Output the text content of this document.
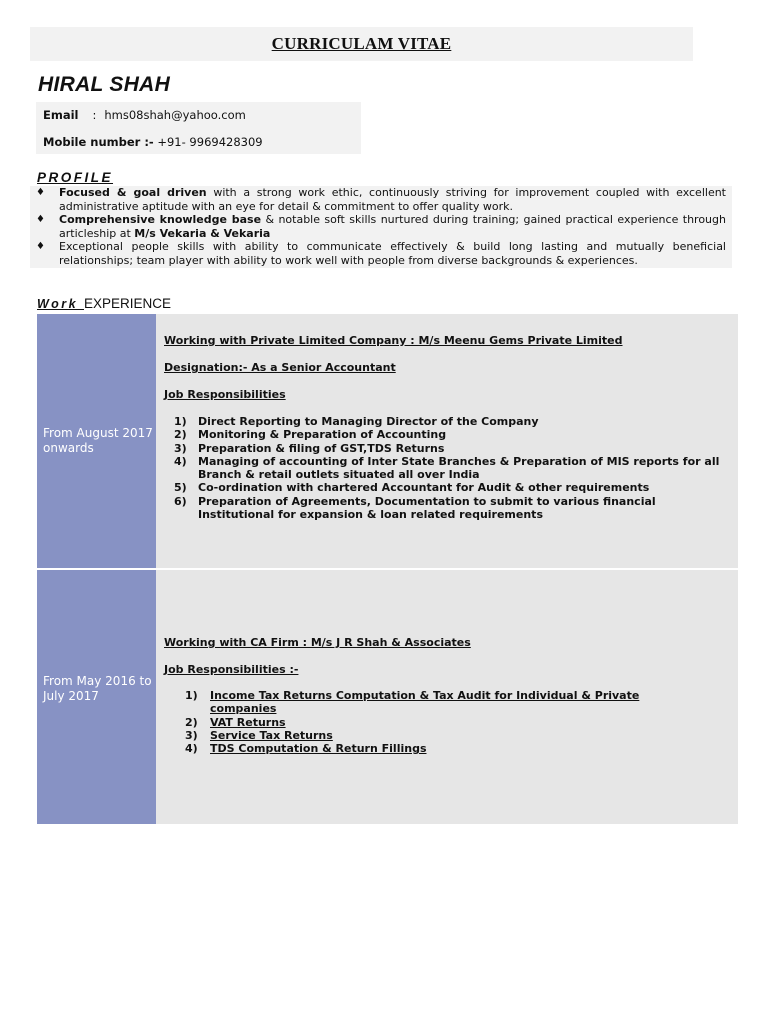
CURRICULAM VITAE
HIRAL SHAH
Email : hms08shah@yahoo.com
Mobile number :- +91- 9969428309
PROFILE
♦ Focused & goal driven with a strong work ethic, continuously striving for improvement coupled with excellent administrative aptitude with an eye for detail & commitment to offer quality work.
♦ Comprehensive knowledge base & notable soft skills nurtured during training; gained practical experience through articleship at M/s Vekaria & Vekaria
♦ Exceptional people skills with ability to communicate effectively & build long lasting and mutually beneficial relationships; team player with ability to work well with people from diverse backgrounds & experiences.
Work EXPERIENCE
From August 2017 onwards
Working with Private Limited Company : M/s Meenu Gems Private Limited
Designation:- As a Senior Accountant
Job Responsibilities
1) Direct Reporting to Managing Director of the Company
2) Monitoring & Preparation of Accounting
3) Preparation & filing of GST,TDS Returns
4) Managing of accounting of Inter State Branches & Preparation of MIS reports for all Branch & retail outlets situated all over India
5) Co-ordination with chartered Accountant for Audit & other requirements
6) Preparation of Agreements, Documentation to submit to various financial Institutional for expansion & loan related requirements
From May 2016 to July 2017
Working with CA Firm : M/s J R Shah & Associates
Job Responsibilities :-
1) Income Tax Returns Computation & Tax Audit for Individual & Private companies
2) VAT Returns
3) Service Tax Returns
4) TDS Computation & Return Fillings
